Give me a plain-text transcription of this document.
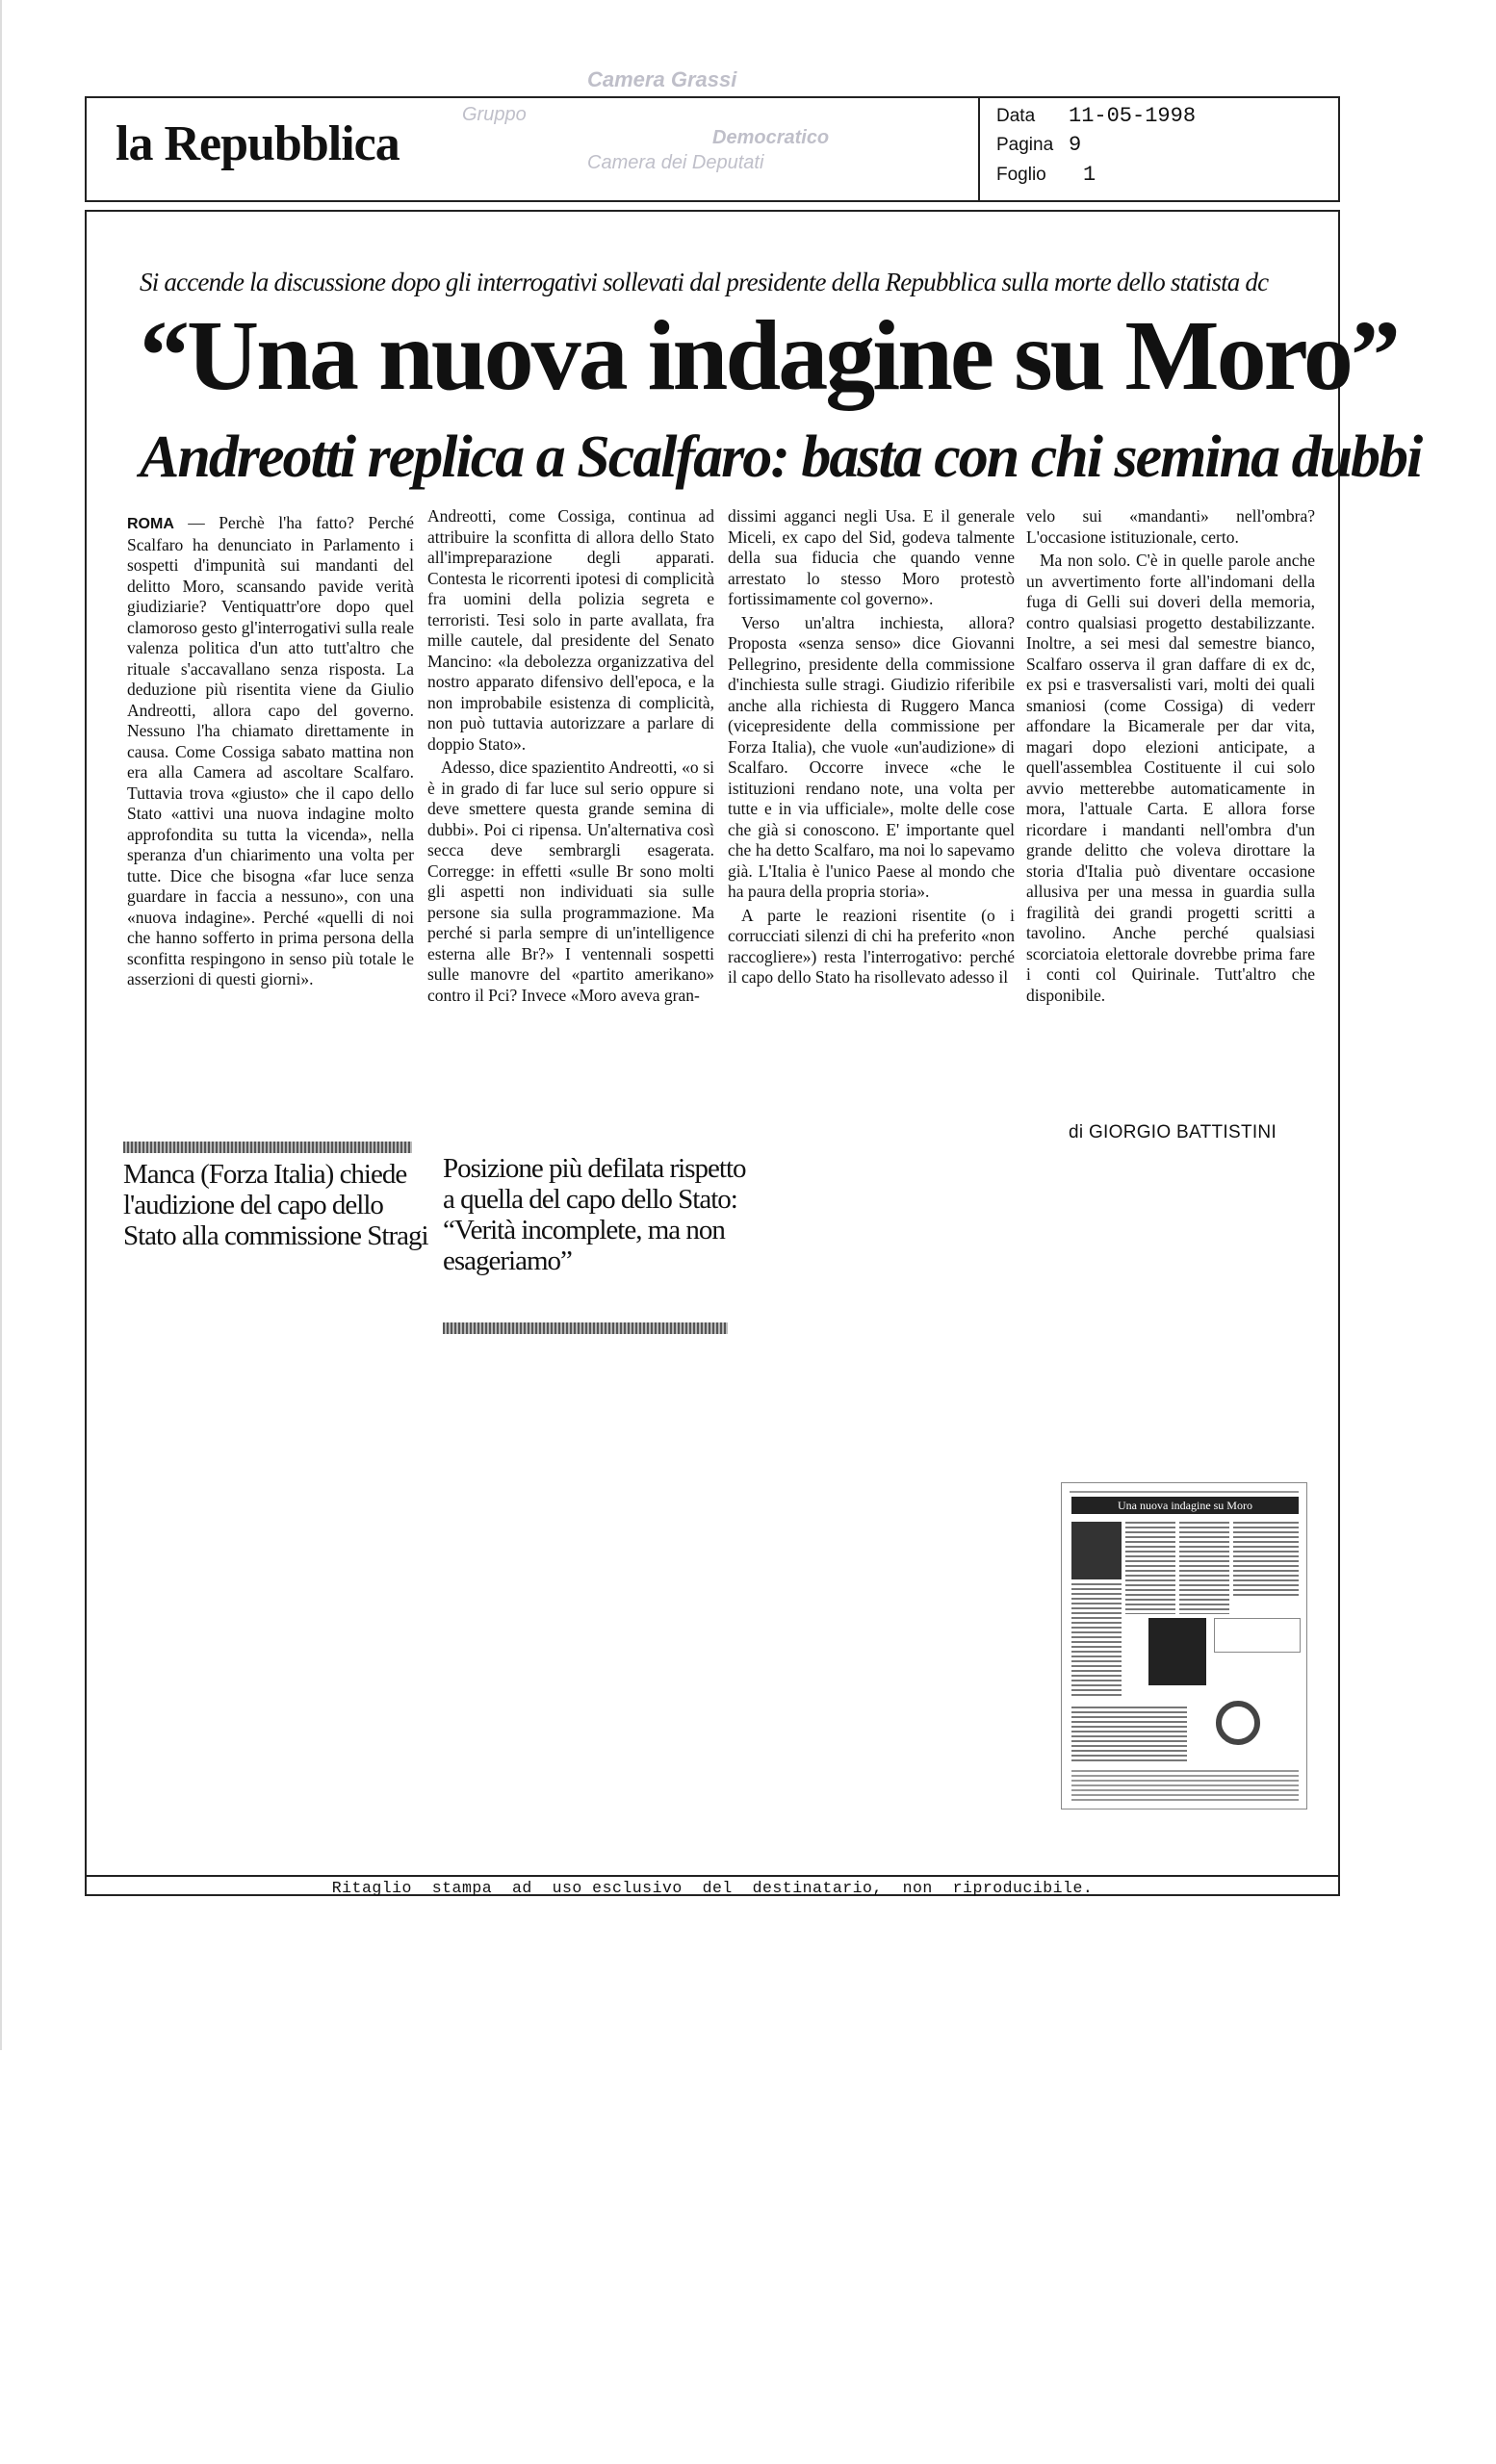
la Repubblica
Camera Grassi
Gruppo
Democratico
Camera dei Deputati
Data 11-05-1998
Pagina 9
Foglio 1
Si accende la discussione dopo gli interrogativi sollevati dal presidente della Repubblica sulla morte dello statista dc
“Una nuova indagine su Moro”
Andreotti replica a Scalfaro: basta con chi semina dubbi

ROMA — Perchè l'ha fatto? Perché Scalfaro ha denunciato in Parlamento i sospetti d'impunità sui mandanti del delitto Moro, scansando pavide verità giudiziarie? Ventiquattr'ore dopo quel clamoroso gesto gl'interrogativi sulla reale valenza politica d'un atto tutt'altro che rituale s'accavallano senza risposta. La deduzione più risentita viene da Giulio Andreotti, allora capo del governo. Nessuno l'ha chiamato direttamente in causa. Come Cossiga sabato mattina non era alla Camera ad ascoltare Scalfaro. Tuttavia trova «giusto» che il capo dello Stato «attivi una nuova indagine molto approfondita su tutta la vicenda», nella speranza d'un chiarimento una volta per tutte. Dice che bisogna «far luce senza guardare in faccia a nessuno», con una «nuova indagine». Perché «quelli di noi che hanno sofferto in prima persona della sconfitta respingono in senso più totale le asserzioni di questi giorni».

Andreotti, come Cossiga, continua ad attribuire la sconfitta di allora dello Stato all'impreparazione degli apparati. Contesta le ricorrenti ipotesi di complicità fra uomini della polizia segreta e terroristi. Tesi solo in parte avallata, fra mille cautele, dal presidente del Senato Mancino: «la debolezza organizzativa del nostro apparato difensivo dell'epoca, e la non improbabile esistenza di complicità, non può tuttavia autorizzare a parlare di doppio Stato».

Adesso, dice spazientito Andreotti, «o si è in grado di far luce sul serio oppure si deve smettere questa grande semina di dubbi». Poi ci ripensa. Un'alternativa così secca deve sembrargli esagerata. Corregge: in effetti «sulle Br sono molti gli aspetti non individuati sia sulle persone sia sulla programmazione. Ma perché si parla sempre di un'intelligence esterna alle Br?» I ventennali sospetti sulle manovre del «partito amerikano» contro il Pci? Invece «Moro aveva gran-

dissimi agganci negli Usa. E il generale Miceli, ex capo del Sid, godeva talmente della sua fiducia che quando venne arrestato lo stesso Moro protestò fortissimamente col governo».

Verso un'altra inchiesta, allora? Proposta «senza senso» dice Giovanni Pellegrino, presidente della commissione d'inchiesta sulle stragi. Giudizio riferibile anche alla richiesta di Ruggero Manca (vicepresidente della commissione per Forza Italia), che vuole «un'audizione» di Scalfaro. Occorre invece «che le istituzioni rendano note, una volta per tutte e in via ufficiale», molte delle cose che già si conoscono. E' importante quel che ha detto Scalfaro, ma noi lo sapevamo già. L'Italia è l'unico Paese al mondo che ha paura della propria storia».

A parte le reazioni risentite (o i corrucciati silenzi di chi ha preferito «non raccogliere») resta l'interrogativo: perché il capo dello Stato ha risollevato adesso il

velo sui «mandanti» nell'ombra? L'occasione istituzionale, certo.

Ma non solo. C'è in quelle parole anche un avvertimento forte all'indomani della fuga di Gelli sui doveri della memoria, contro qualsiasi progetto destabilizzante. Inoltre, a sei mesi dal semestre bianco, Scalfaro osserva il gran daffare di ex dc, ex psi e trasversalisti vari, molti dei quali smaniosi (come Cossiga) di vederr affondare la Bicamerale per dar vita, magari dopo elezioni anticipate, a quell'assemblea Costituente il cui solo avvio metterebbe automaticamente in mora, l'attuale Carta. E allora forse ricordare i mandanti nell'ombra d'un grande delitto che voleva dirottare la storia d'Italia può diventare occasione allusiva per una messa in guardia sulla fragilità dei grandi progetti scritti a tavolino. Anche perché qualsiasi scorciatoia elettorale dovrebbe prima fare i conti col Quirinale. Tutt'altro che disponibile.

di GIORGIO BATTISTINI
Manca (Forza Italia) chiede l'audizione del capo dello Stato alla commissione Stragi
Posizione più defilata rispetto a quella del capo dello Stato: “Verità incomplete, ma non esageriamo”
Una nuova indagine su Moro
Ritaglio  stampa  ad  uso esclusivo  del  destinatario,  non  riproducibile.
